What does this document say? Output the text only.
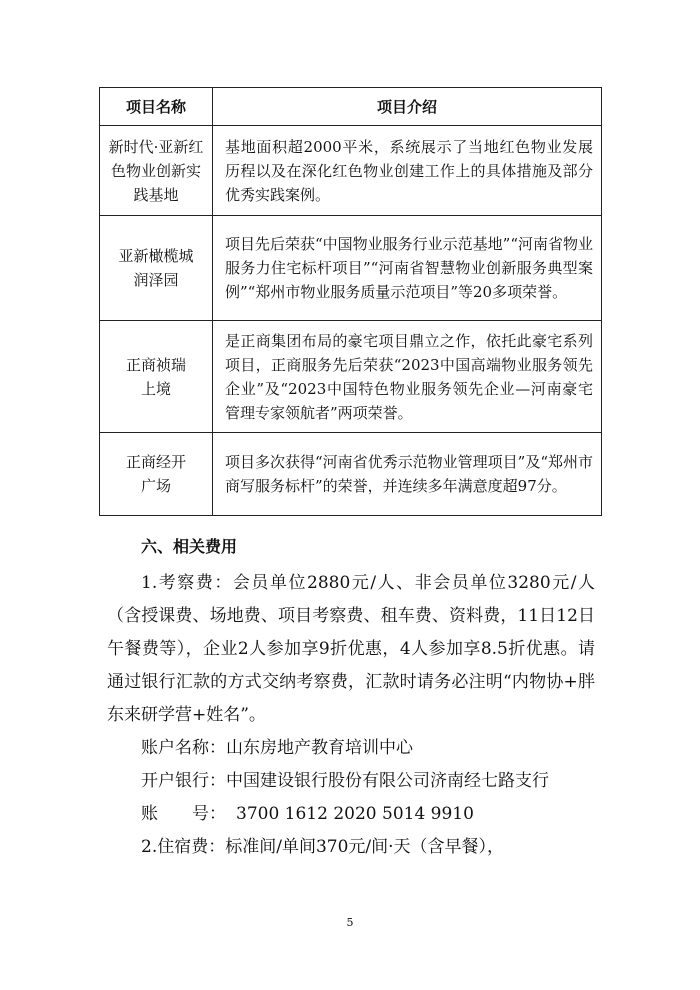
项目名称	项目介绍
新时代·亚新红色物业创新实践基地	基地面积超2000平米，系统展示了当地红色物业发展历程以及在深化红色物业创建工作上的具体措施及部分优秀实践案例。
亚新橄榄城润泽园	项目先后荣获“中国物业服务行业示范基地”“河南省物业服务力住宅标杆项目”“河南省智慧物业创新服务典型案例”“郑州市物业服务质量示范项目”等20多项荣誉。
正商祯瑞上境	是正商集团布局的豪宅项目鼎立之作，依托此豪宅系列项目，正商服务先后荣获“2023中国高端物业服务领先企业”及“2023中国特色物业服务领先企业—河南豪宅管理专家领航者”两项荣誉。
正商经开广场	项目多次获得“河南省优秀示范物业管理项目”及“郑州市商写服务标杆”的荣誉，并连续多年满意度超97分。
六、相关费用

1.考察费：会员单位2880元/人、非会员单位3280元/人（含授课费、场地费、项目考察费、租车费、资料费，11日12日午餐费等），企业2人参加享9折优惠，4人参加享8.5折优惠。请通过银行汇款的方式交纳考察费，汇款时请务必注明“内物协+胖东来研学营+姓名”。

账户名称：山东房地产教育培训中心
开户银行：中国建设银行股份有限公司济南经七路支行
账　　号： 3700 1612 2020 5014 9910
2.住宿费：标准间/单间370元/间·天（含早餐），
5
